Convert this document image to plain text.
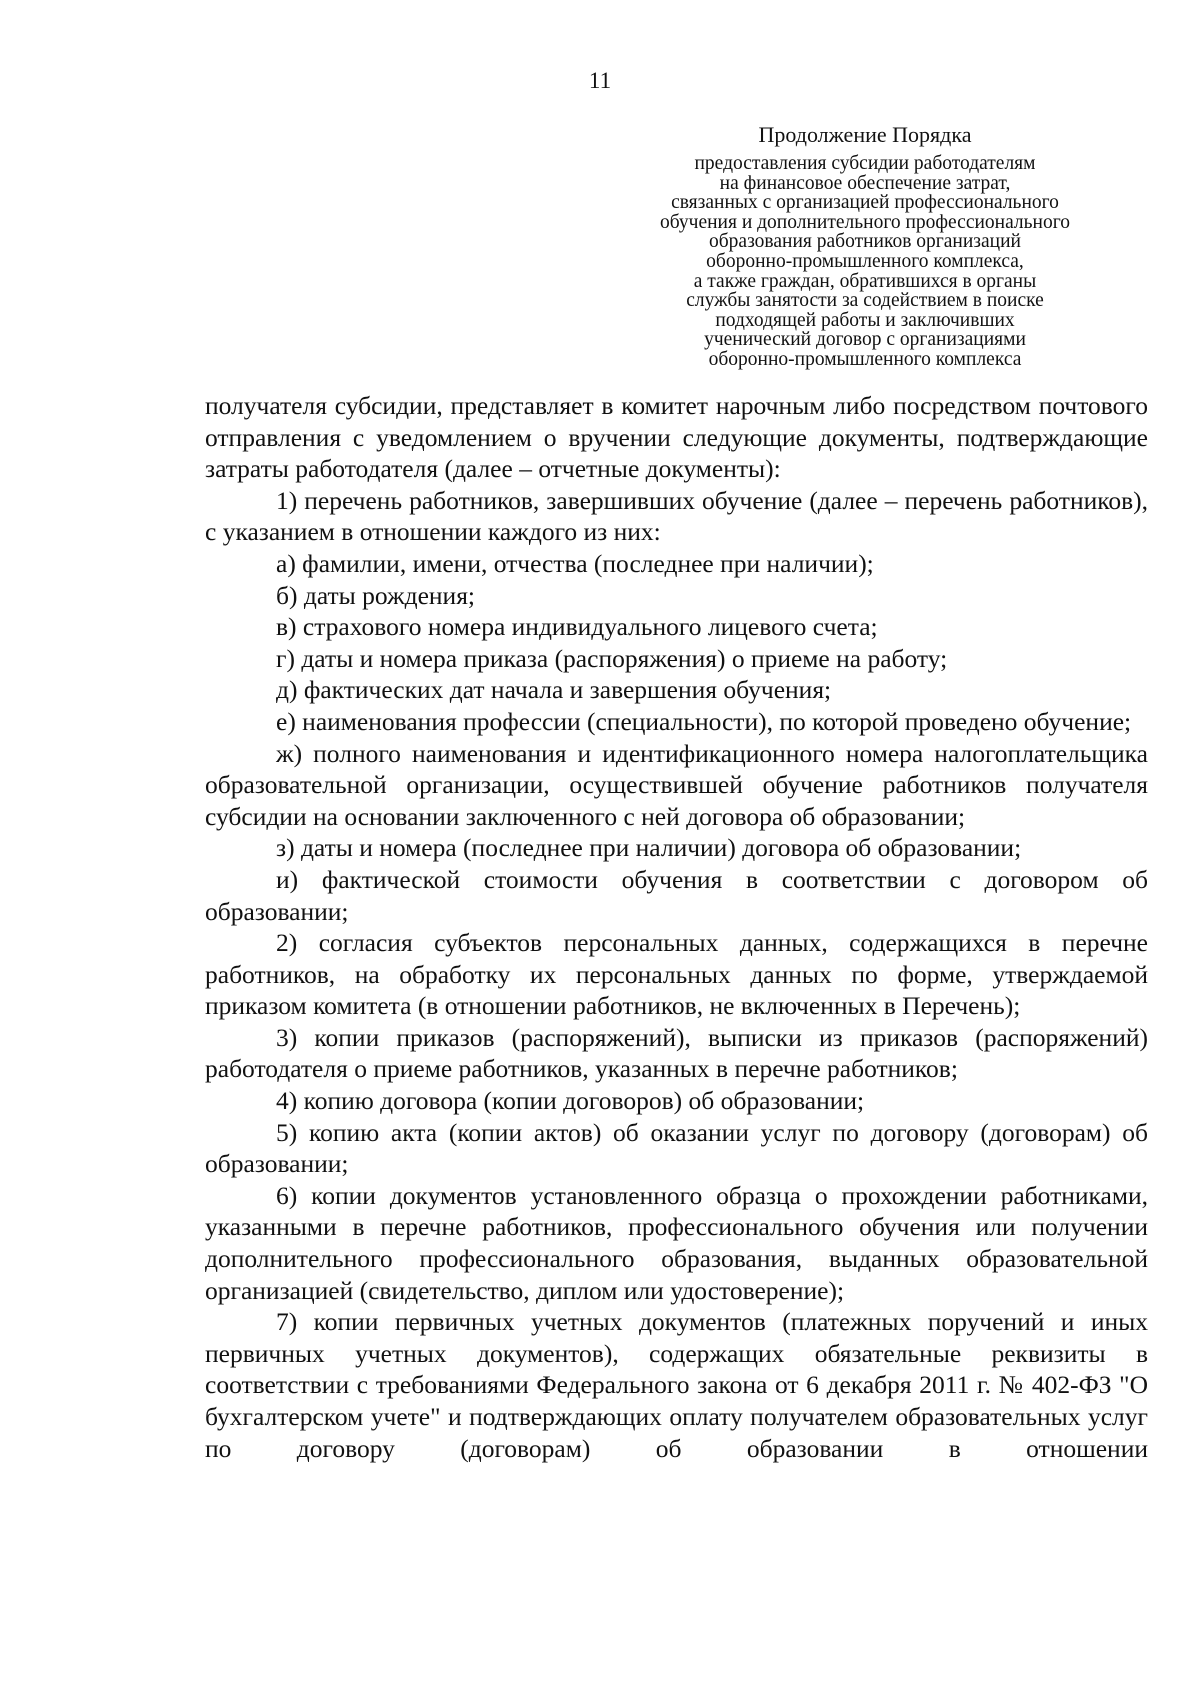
11
Продолжение Порядка
предоставления субсидии работодателям
на финансовое обеспечение затрат,
связанных с организацией профессионального
обучения и дополнительного профессионального
образования работников организаций
оборонно-промышленного комплекса,
а также граждан, обратившихся в органы
службы занятости за содействием в поиске
подходящей работы и заключивших
ученический договор с организациями
оборонно-промышленного комплекса

получателя субсидии, представляет в комитет нарочным либо посредством почтового отправления с уведомлением о вручении следующие документы, подтверждающие затраты работодателя (далее – отчетные документы):

1) перечень работников, завершивших обучение (далее – перечень работников), с указанием в отношении каждого из них:

а) фамилии, имени, отчества (последнее при наличии);

б) даты рождения;

в) страхового номера индивидуального лицевого счета;

г) даты и номера приказа (распоряжения) о приеме на работу;

д) фактических дат начала и завершения обучения;

е) наименования профессии (специальности), по которой проведено обучение;

ж) полного наименования и идентификационного номера налогоплательщика образовательной организации, осуществившей обучение работников получателя субсидии на основании заключенного с ней договора об образовании;

з) даты и номера (последнее при наличии) договора об образовании;

и) фактической стоимости обучения в соответствии с договором об образовании;

2) согласия субъектов персональных данных, содержащихся в перечне работников, на обработку их персональных данных по форме, утверждаемой приказом комитета (в отношении работников, не включенных в Перечень);

3) копии приказов (распоряжений), выписки из приказов (распоряжений) работодателя о приеме работников, указанных в перечне работников;

4) копию договора (копии договоров) об образовании;

5) копию акта (копии актов) об оказании услуг по договору (договорам) об образовании;

6) копии документов установленного образца о прохождении работниками, указанными в перечне работников, профессионального обучения или получении дополнительного профессионального образования, выданных образовательной организацией (свидетельство, диплом или удостоверение);

7) копии первичных учетных документов (платежных поручений и иных первичных учетных документов), содержащих обязательные реквизиты в соответствии с требованиями Федерального закона от 6 декабря 2011 г. № 402-ФЗ "О бухгалтерском учете" и подтверждающих оплату получателем образовательных услуг по договору (договорам) об образовании в отношении
